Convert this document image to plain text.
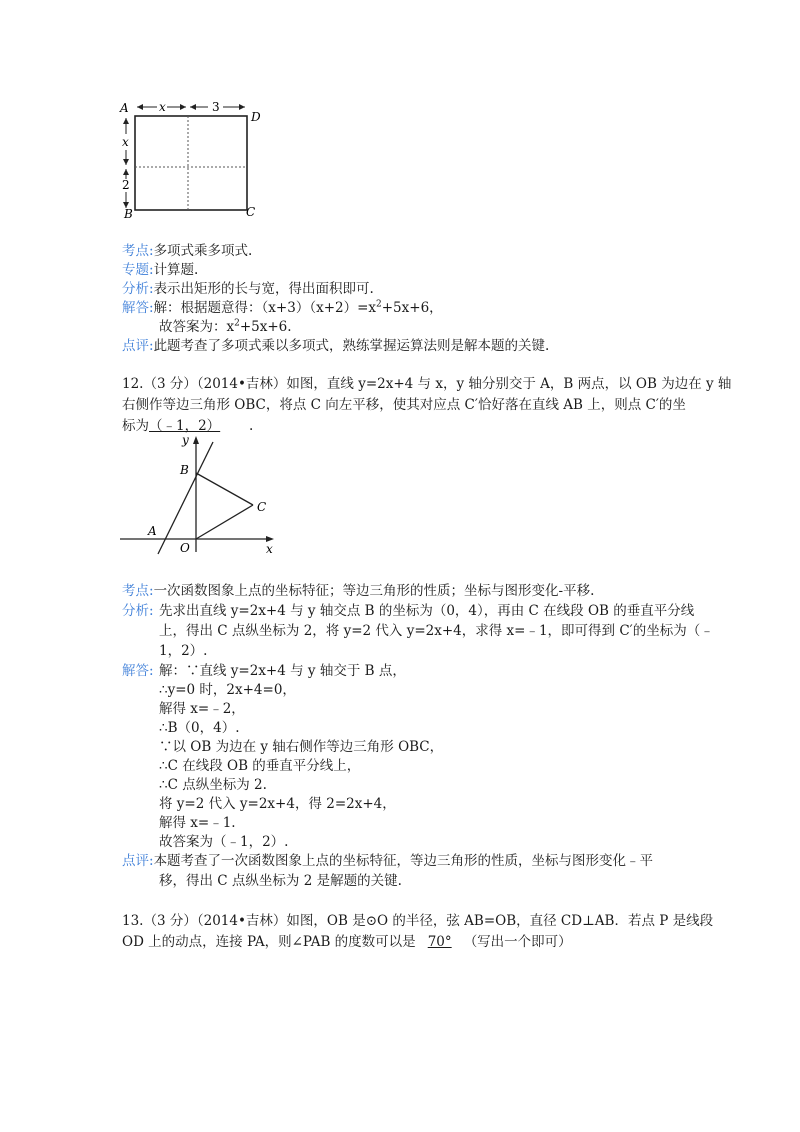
A
D
B	C
x	3
x
2
考点:多项式乘多项式.
专题:计算题.
分析:表示出矩形的长与宽，得出面积即可.
解答:解：根据题意得：$(x+3)(x+2)=x^2+5x+6$，
故答案为：$x^2+5x+6$.
点评:此题考查了多项式乘以多项式，熟练掌握运算法则是解本题的关键.
12.（3 分）（2014•吉林）如图，直线 y=2x+4 与 x，y 轴分别交于 A，B 两点，以 OB 为边在 y 轴
右侧作等边三角形 OBC，将点 C 向左平移，使其对应点 C′恰好落在直线 AB 上，则点 C′的坐
标为（﹣1，2） .
y
B
C
A
O	x
考点:一次函数图象上点的坐标特征；等边三角形的性质；坐标与图形变化-平移.
分析: 先求出直线 y=2x+4 与 y 轴交点 B 的坐标为（0，4），再由 C 在线段 OB 的垂直平分线
上，得出 C 点纵坐标为 2，将 y=2 代入 y=2x+4，求得 x=﹣1，即可得到 C′的坐标为（﹣
1，2）.
解答: 解：∵直线 y=2x+4 与 y 轴交于 B 点，
∴y=0 时，2x+4=0，
解得 x=﹣2，
∴B（0，4）.
∵以 OB 为边在 y 轴右侧作等边三角形 OBC，
∴C 在线段 OB 的垂直平分线上，
∴C 点纵坐标为 2.
将 y=2 代入 y=2x+4，得 2=2x+4，
解得 x=﹣1.
故答案为（﹣1，2）.
点评:本题考查了一次函数图象上点的坐标特征，等边三角形的性质，坐标与图形变化﹣平
移，得出 C 点纵坐标为 2 是解题的关键.
13.（3 分）（2014•吉林）如图，OB 是⊙O 的半径，弦 AB=OB，直径 CD⊥AB．若点 P 是线段
OD 上的动点，连接 PA，则∠PAB 的度数可以是 70° （写出一个即可）
